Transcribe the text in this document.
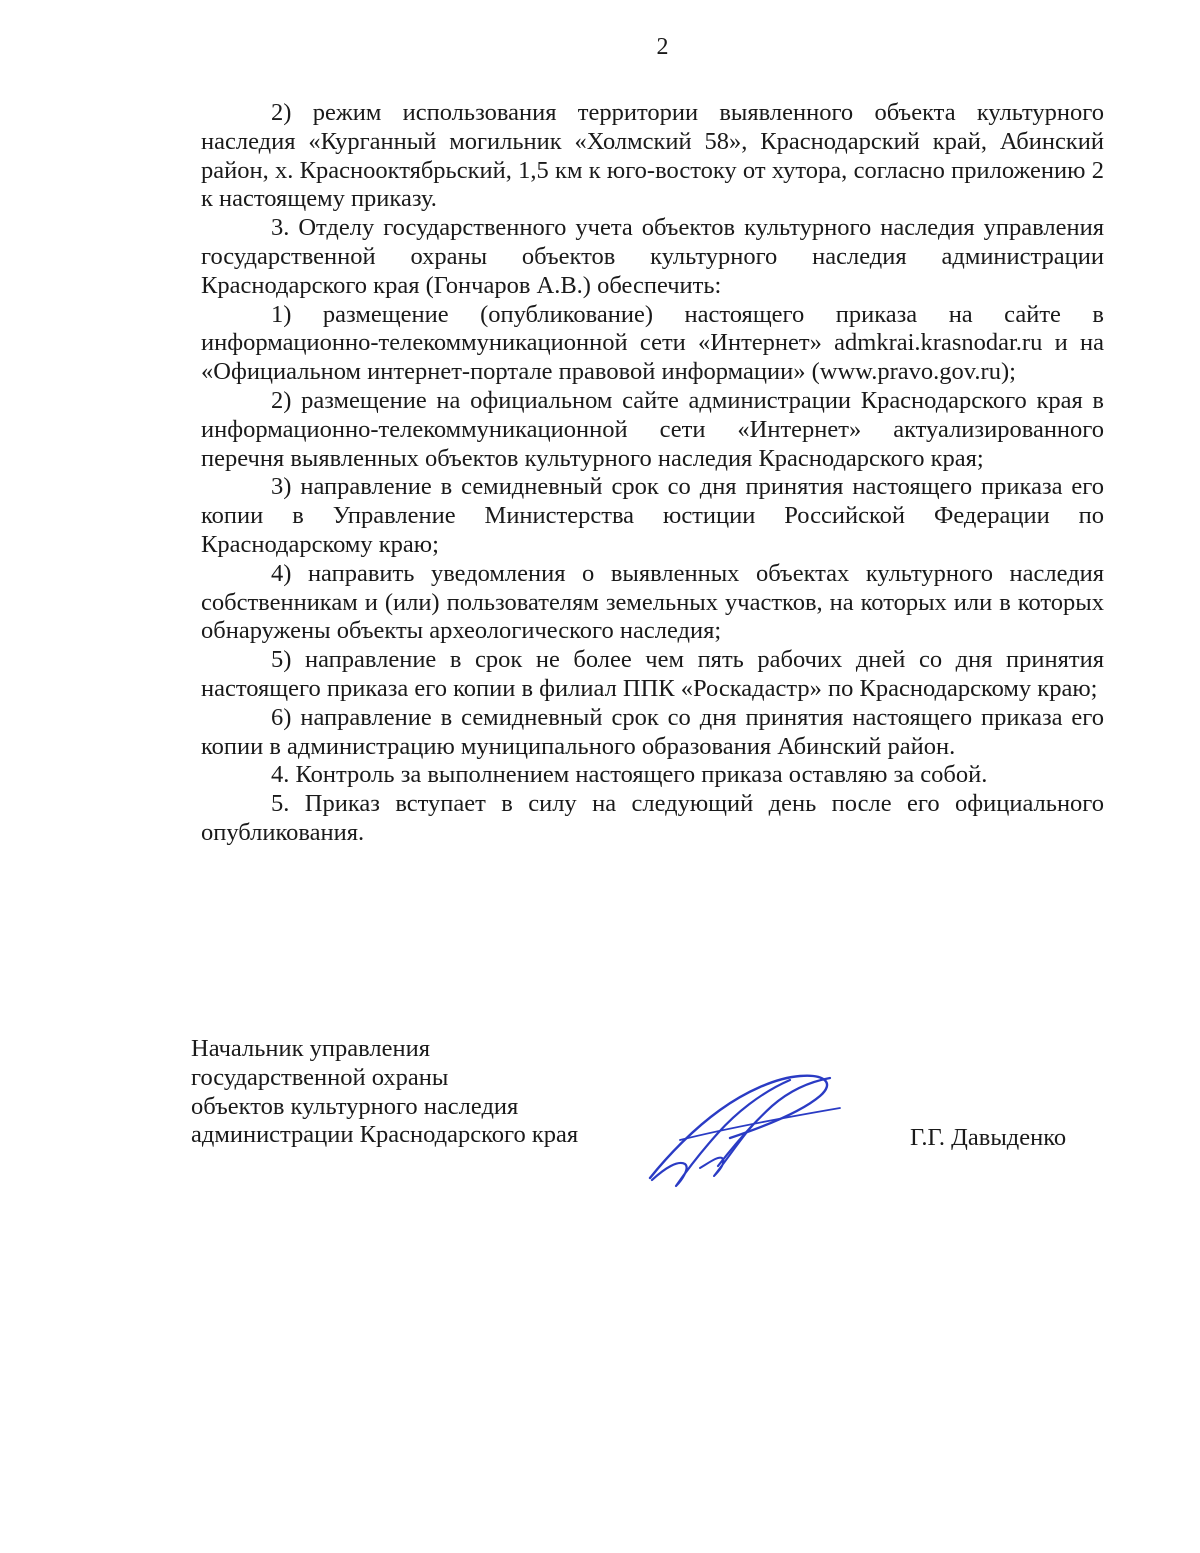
2

2) режим использования территории выявленного объекта культурного наследия «Курганный могильник «Холмский 58», Краснодарский край, Абинский район, х. Краснооктябрьский, 1,5 км к юго-востоку от хутора, согласно приложению 2 к настоящему приказу.

3. Отделу государственного учета объектов культурного наследия управления государственной охраны объектов культурного наследия администрации Краснодарского края (Гончаров А.В.) обеспечить:

1) размещение (опубликование) настоящего приказа на сайте в информационно-телекоммуникационной сети «Интернет» admkrai.krasnodar.ru и на «Официальном интернет-портале правовой информации» (www.pravo.gov.ru);

2) размещение на официальном сайте администрации Краснодарского края в информационно-телекоммуникационной сети «Интернет» актуализированного перечня выявленных объектов культурного наследия Краснодарского края;

3) направление в семидневный срок со дня принятия настоящего приказа его копии в Управление Министерства юстиции Российской Федерации по Краснодарскому краю;

4) направить уведомления о выявленных объектах культурного наследия собственникам и (или) пользователям земельных участков, на которых или в которых обнаружены объекты археологического наследия;

5) направление в срок не более чем пять рабочих дней со дня принятия настоящего приказа его копии в филиал ППК «Роскадастр» по Краснодарскому краю;

6) направление в семидневный срок со дня принятия настоящего приказа его копии в администрацию муниципального образования Абинский район.

4. Контроль за выполнением настоящего приказа оставляю за собой.

5. Приказ вступает в силу на следующий день после его официального опубликования.

Начальник управления
государственной охраны
объектов культурного наследия
администрации Краснодарского края	Г.Г. Давыденко
